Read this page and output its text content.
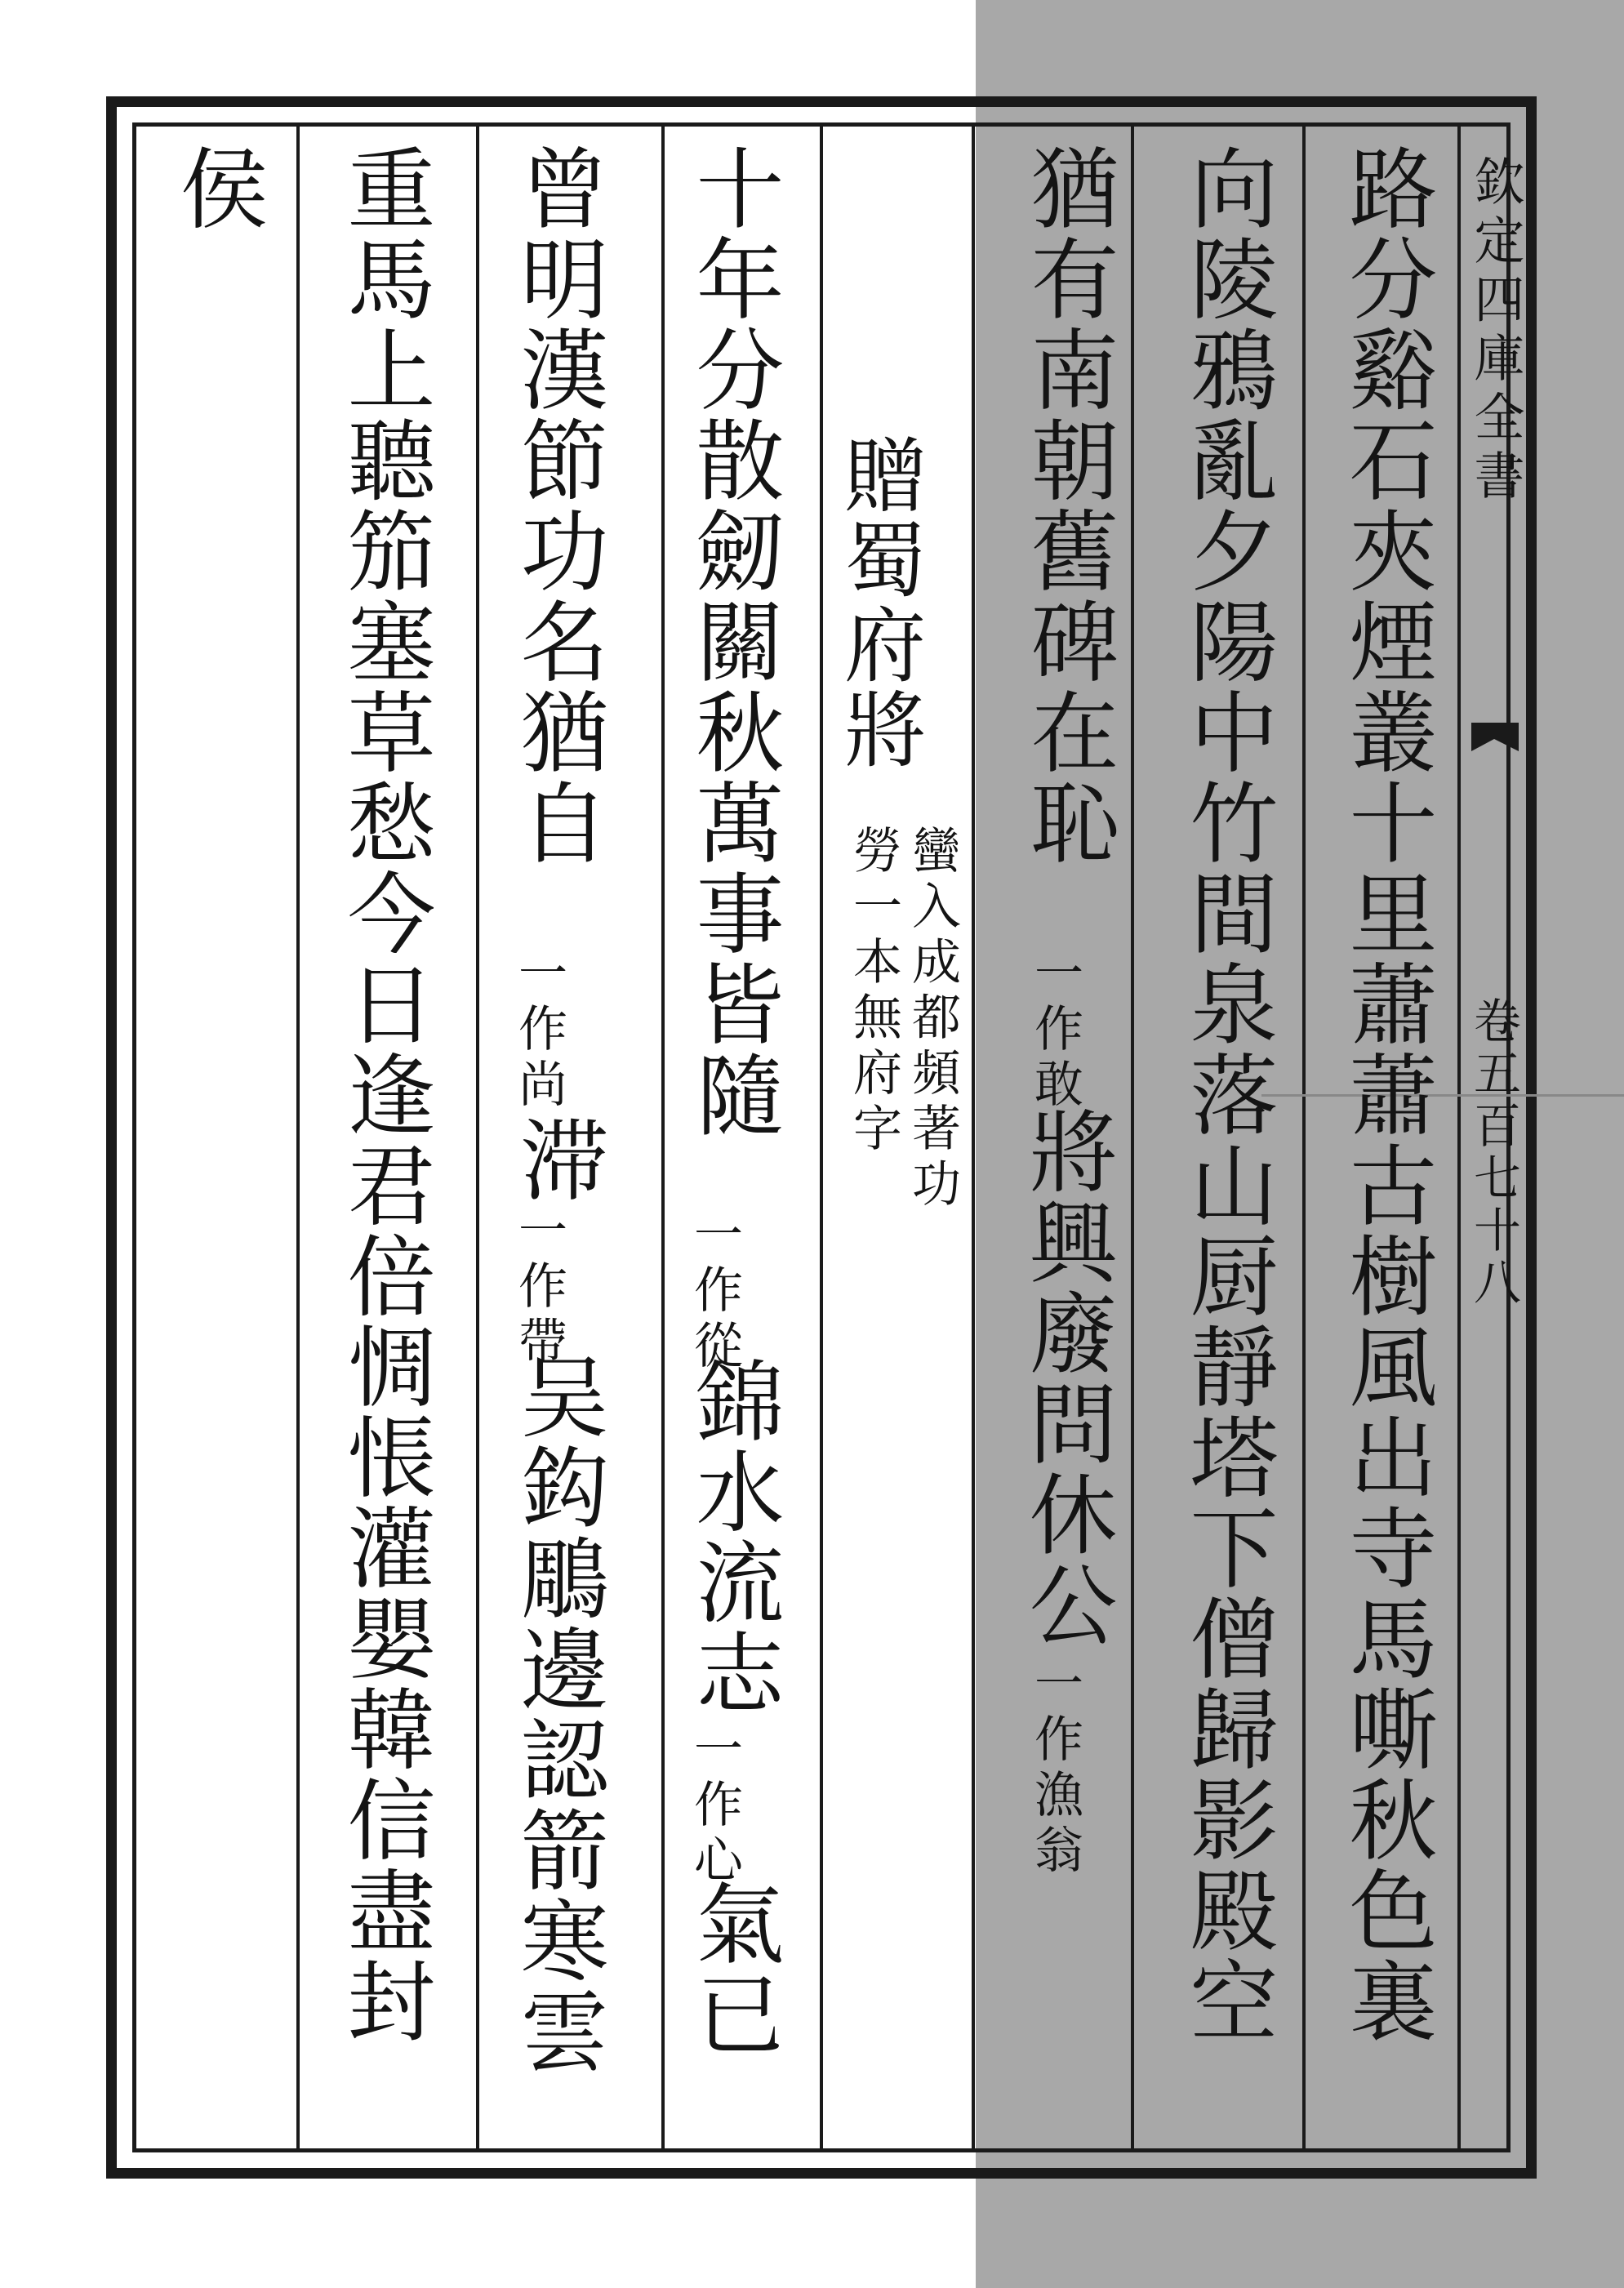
欽定四庫全書
卷五百七十八
路分谿石夾煙叢十里蕭蕭古樹風出寺馬嘶秋色裏
向陵鴉亂夕陽中竹間泉落山厨靜塔下僧歸影殿空
猶有南朝舊碑在恥
一作敢
將興廢問休公
一作漁翁
贈蜀府將
蠻入成都頻著功
勞一本無府字
十年分散劒關秋萬事皆隨
一作從
錦水流志
一作心
氣已
曾明漢節功名猶自
一作尚
滞
一作帶
吴鈎鵰邊認箭寒雲
重馬上聽笳塞草愁今日逢君倍惆悵灌嬰韓信盡封
侯
